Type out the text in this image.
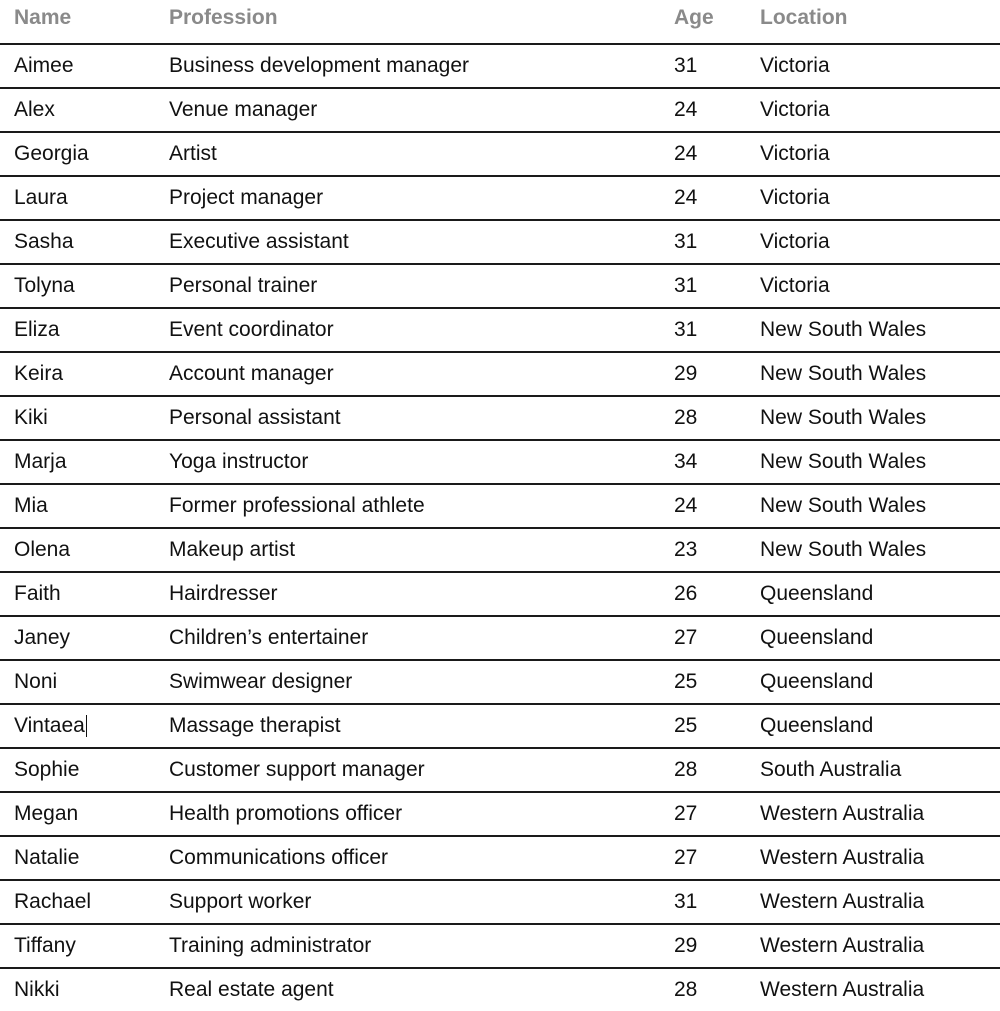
Name	Profession	Age Location
Aimee	Business development manager	31	Victoria
Alex	Venue manager	24	Victoria
Georgia	Artist	24	Victoria
Laura	Project manager	24	Victoria
Sasha	Executive assistant	31	Victoria
Tolyna	Personal trainer	31	Victoria
Eliza	Event coordinator	31	New South Wales
Keira	Account manager	29	New South Wales
Kiki	Personal assistant	28	New South Wales
Marja	Yoga instructor	34	New South Wales
Mia	Former professional athlete	24	New South Wales
Olena	Makeup artist	23	New South Wales
Faith	Hairdresser	26	Queensland
Janey	Children’s entertainer	27	Queensland
Noni	Swimwear designer	25	Queensland
Vintaea	Massage therapist	25	Queensland
Sophie	Customer support manager	28	South Australia
Megan	Health promotions officer	27	Western Australia
Natalie	Communications officer	27	Western Australia
Rachael	Support worker	31	Western Australia
Tiffany	Training administrator	29	Western Australia
Nikki	Real estate agent	28	Western Australia
